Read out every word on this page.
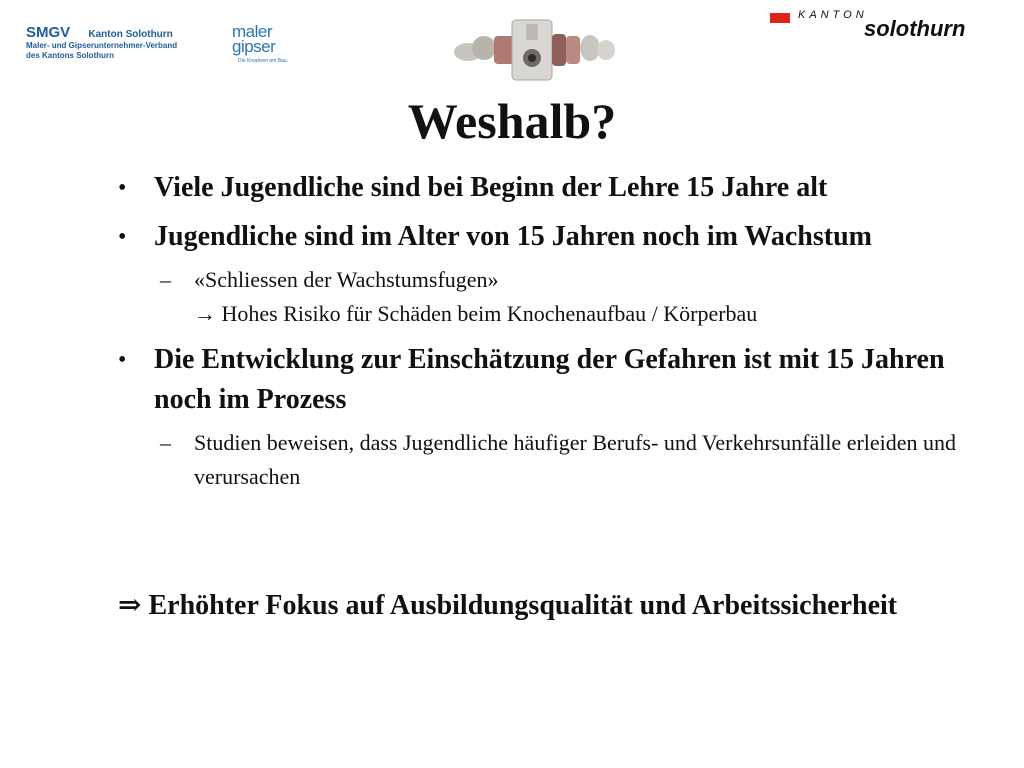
SMGV Kanton Solothurn
Maler- und Gipserunternehmer-Verband
des Kantons Solothurn
maler
gipser
Die Kreativen am Bau.
KANTON
solothurn
Weshalb?
• Viele Jugendliche sind bei Beginn der Lehre 15 Jahre alt
• Jugendliche sind im Alter von 15 Jahren noch im Wachstum
– «Schliessen der Wachstumsfugen»
→ Hohes Risiko für Schäden beim Knochenaufbau / Körperbau
• Die Entwicklung zur Einschätzung der Gefahren ist mit 15 Jahren noch im Prozess
– Studien beweisen, dass Jugendliche häufiger Berufs- und Verkehrsunfälle erleiden und verursachen
⇒ Erhöhter Fokus auf Ausbildungsqualität und Arbeitssicherheit
